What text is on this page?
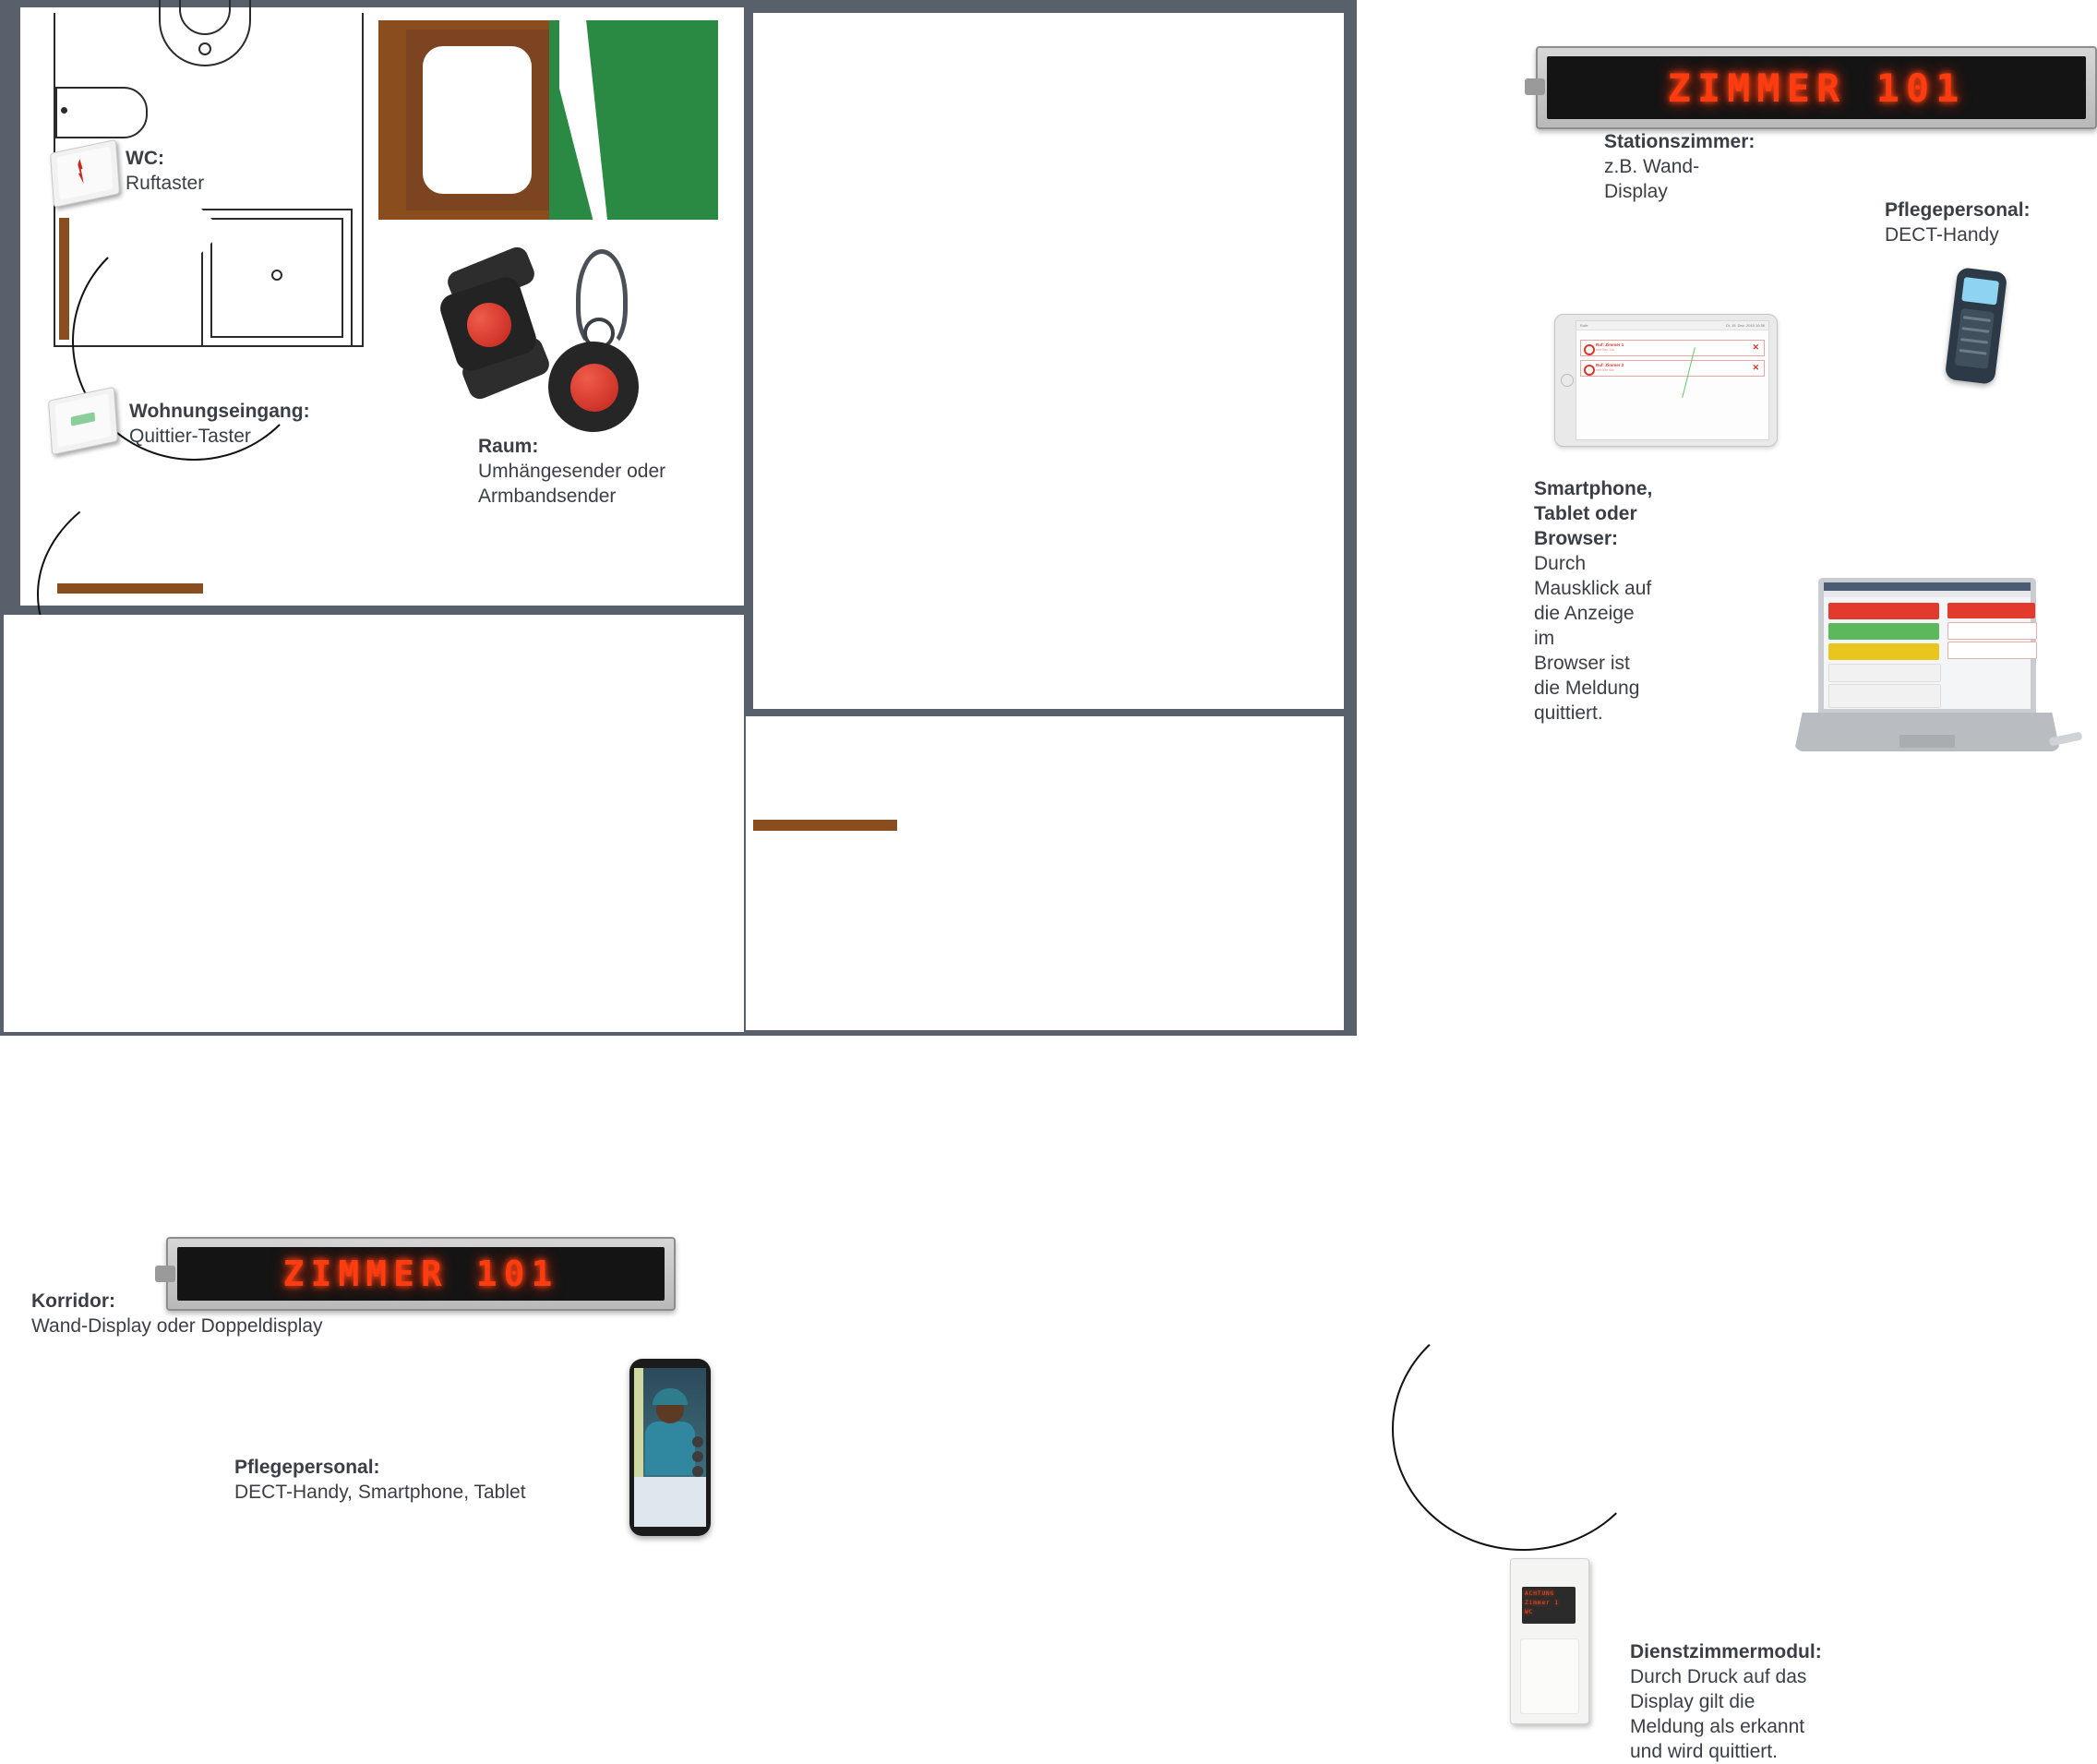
WC:
Ruftaster
Wohnungseingang:
Quittier-Taster	Raum:
Umhängesender oder
Armbandsender
ZIMMER 101
Korridor:
Wand-Display oder Doppeldisplay
Pflegepersonal:
DECT-Handy, Smartphone, Tablet
ZIMMER 101
Di, 15. Dez. 2015 10:36
Rufe
Ruf: Zimmer 1
seit 00m 14s	✕
Ruf: Zimmer 2
seit 00m 06s	✕
Stationszimmer:
z.B. Wand-Display
Pflegepersonal:
DECT-Handy
Smartphone, Tablet oder Browser:
Durch Mausklick auf die Anzeige im
Browser ist die Meldung quittiert.
ACHTUNG
Zimmer 1
WC
Dienstzimmermodul:
Durch Druck auf das Display gilt die
Meldung als erkannt und wird quittiert.
